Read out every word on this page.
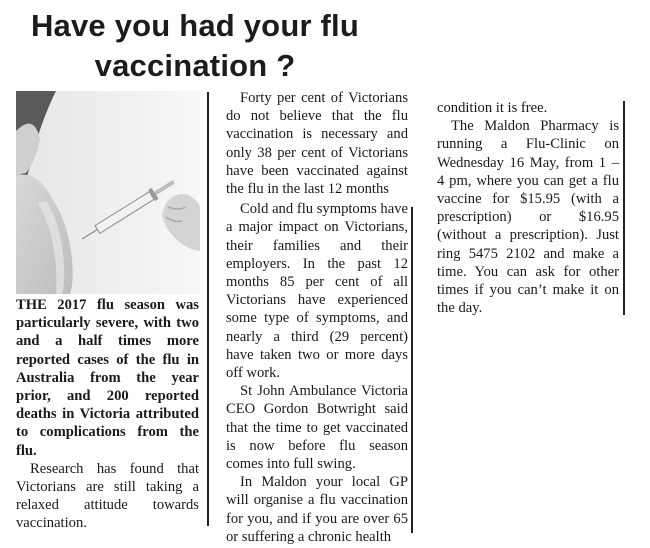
Have you had your flu
vaccination ?

THE 2017 flu season was particularly severe, with two and a half times more reported cases of the flu in Australia from the year prior, and 200 reported deaths in Victoria attributed to complications from the flu.

Research has found that Victorians are still taking a relaxed attitude towards vaccination.

Forty per cent of Victorians do not believe that the flu vaccination is necessary and only 38 per cent of Victorians have been vaccinated against the flu in the last 12 months

Cold and flu symptoms have a major impact on Victorians, their families and their employers. In the past 12 months 85 per cent of all Victorians have experienced some type of symptoms, and nearly a third (29 percent) have taken two or more days off work.

St John Ambulance Victoria CEO Gordon Botwright said that the time to get vaccinated is now before flu season comes into full swing.

In Maldon your local GP will organise a flu vaccination for you, and if you are over 65 or suffering a chronic health

condition it is free.

The Maldon Pharmacy is running a Flu-Clinic on Wednesday 16 May, from 1 – 4 pm, where you can get a flu vaccine for $15.95 (with a prescription) or $16.95 (without a prescription). Just ring 5475 2102 and make a time. You can ask for other times if you can’t make it on the day.
